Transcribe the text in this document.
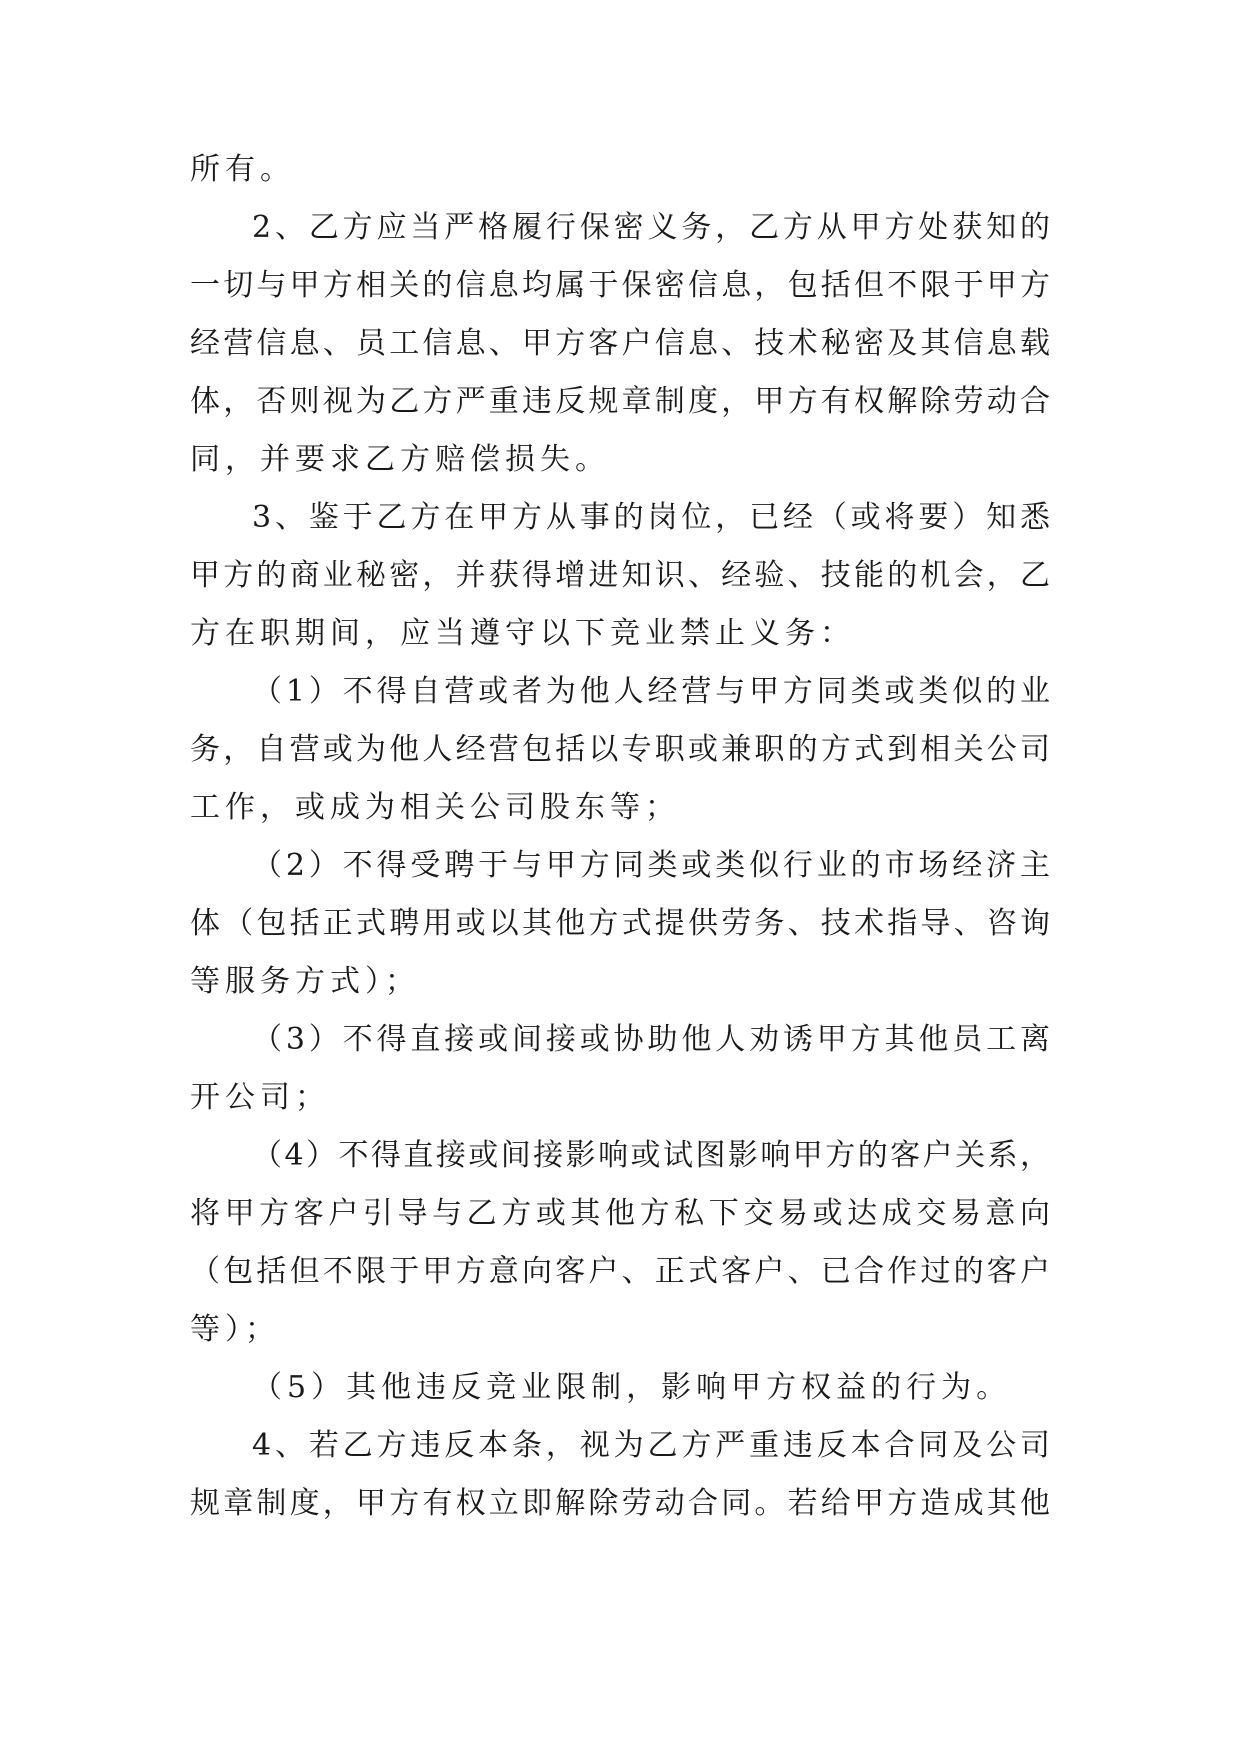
所有。
2、乙方应当严格履行保密义务，乙方从甲方处获知的
一切与甲方相关的信息均属于保密信息，包括但不限于甲方
经营信息、员工信息、甲方客户信息、技术秘密及其信息载
体，否则视为乙方严重违反规章制度，甲方有权解除劳动合
同，并要求乙方赔偿损失。
3、鉴于乙方在甲方从事的岗位，已经（或将要）知悉
甲方的商业秘密，并获得增进知识、经验、技能的机会，乙
方在职期间，应当遵守以下竞业禁止义务：
（1）不得自营或者为他人经营与甲方同类或类似的业
务，自营或为他人经营包括以专职或兼职的方式到相关公司
工作，或成为相关公司股东等；
（2）不得受聘于与甲方同类或类似行业的市场经济主
体（包括正式聘用或以其他方式提供劳务、技术指导、咨询
等服务方式）；
（3）不得直接或间接或协助他人劝诱甲方其他员工离
开公司；
（4）不得直接或间接影响或试图影响甲方的客户关系，
将甲方客户引导与乙方或其他方私下交易或达成交易意向
（包括但不限于甲方意向客户、正式客户、已合作过的客户
等）；
（5）其他违反竞业限制，影响甲方权益的行为。
4、若乙方违反本条，视为乙方严重违反本合同及公司
规章制度，甲方有权立即解除劳动合同。若给甲方造成其他
